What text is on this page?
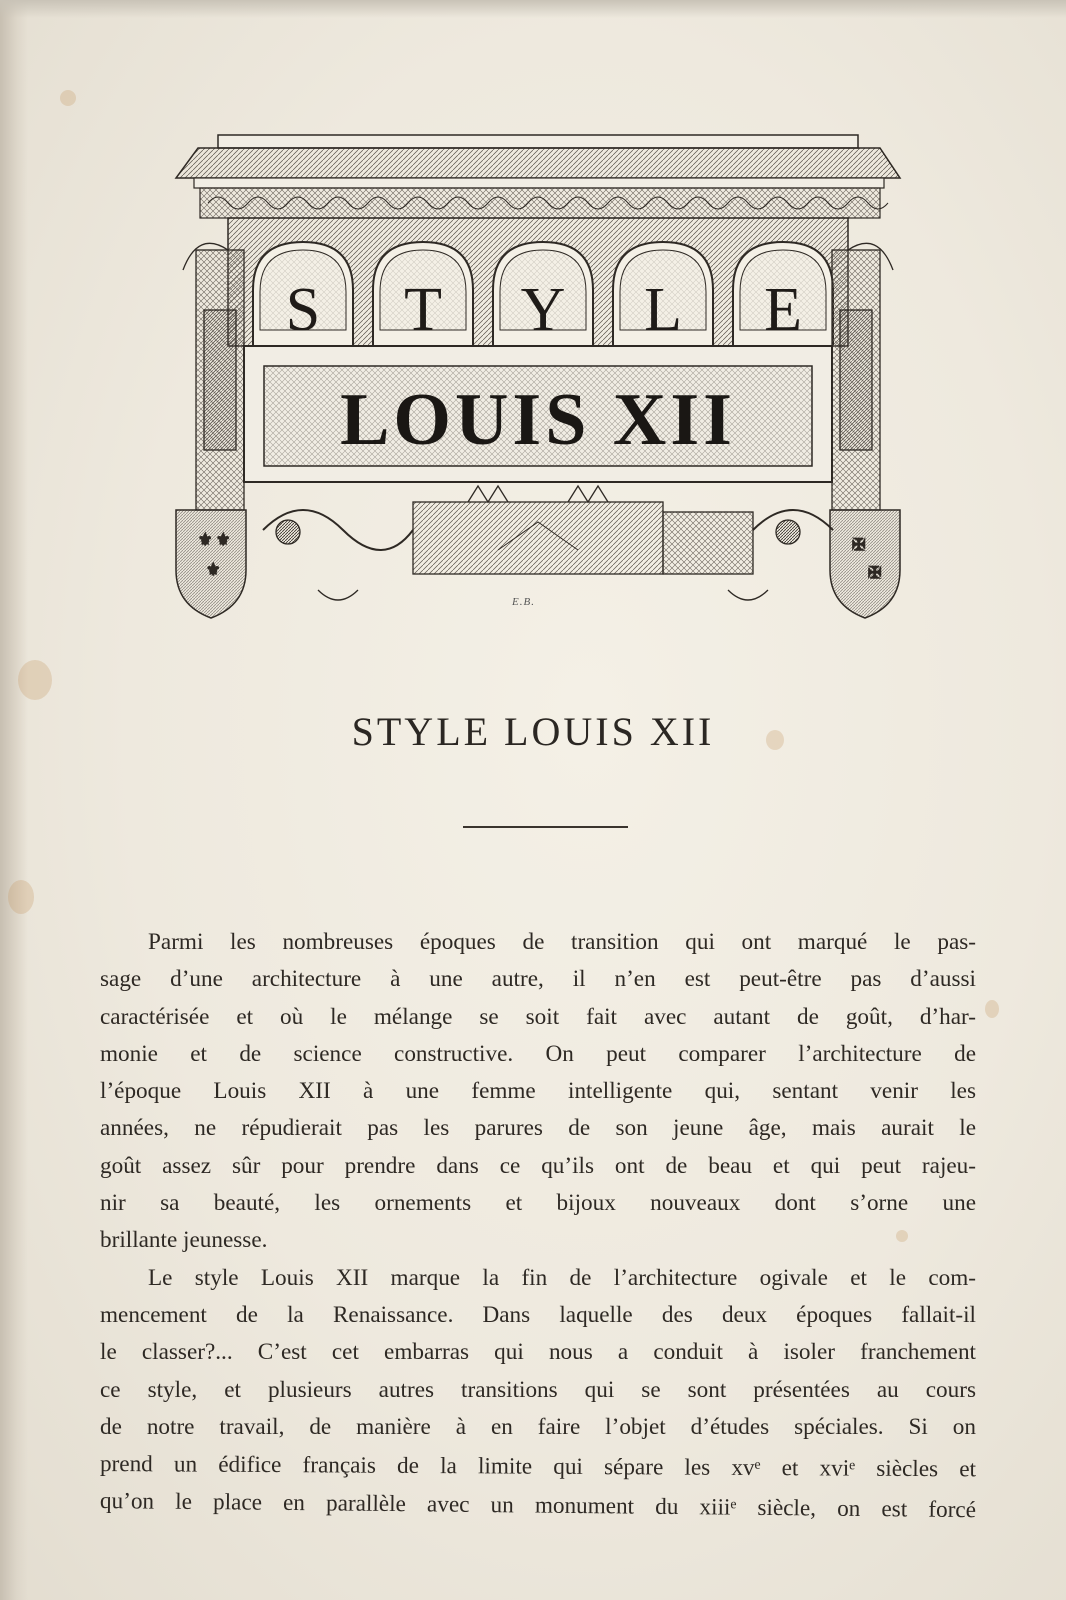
S T Y L E
LOUIS XII
⚜ ⚜
⚜
✠
✠
E.B.
STYLE LOUIS XII
Parmi les nombreuses époques de transition qui ont marqué le pas-
sage d’une architecture à une autre, il n’en est peut-être pas d’aussi
caractérisée et où le mélange se soit fait avec autant de goût, d’har-
monie et de science constructive. On peut comparer l’architecture de
l’époque Louis XII à une femme intelligente qui, sentant venir les
années, ne répudierait pas les parures de son jeune âge, mais aurait le
goût assez sûr pour prendre dans ce qu’ils ont de beau et qui peut rajeu-
nir sa beauté, les ornements et bijoux nouveaux dont s’orne une
brillante jeunesse.
Le style Louis XII marque la fin de l’architecture ogivale et le com-
mencement de la Renaissance. Dans laquelle des deux époques fallait-il
le classer?... C’est cet embarras qui nous a conduit à isoler franchement
ce style, et plusieurs autres transitions qui se sont présentées au cours
de notre travail, de manière à en faire l’objet d’études spéciales. Si on
prend un édifice français de la limite qui sépare les xvᵉ et xviᵉ siècles et
qu’on le place en parallèle avec un monument du xiiiᵉ siècle, on est forcé
